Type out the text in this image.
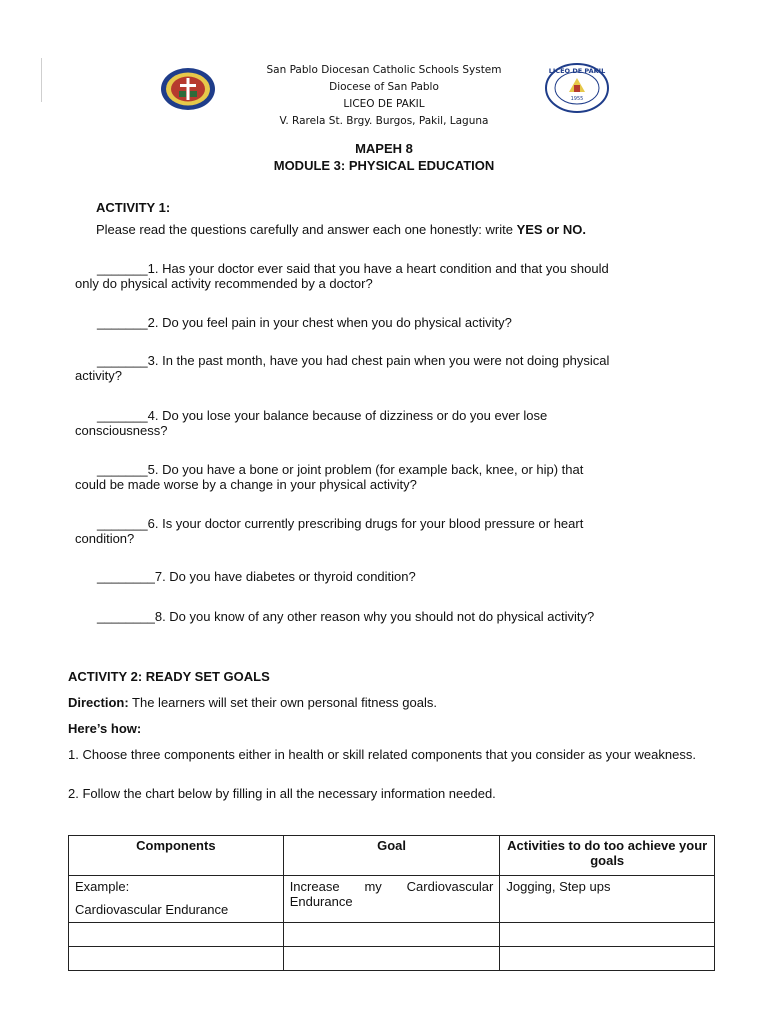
LICEO DE PAKIL
1955
San Pablo Diocesan Catholic Schools System
Diocese of San Pablo
LICEO DE PAKIL
V. Rarela St. Brgy. Burgos, Pakil, Laguna
MAPEH 8
MODULE 3: PHYSICAL EDUCATION
ACTIVITY 1:
Please read the questions carefully and answer each one honestly: write YES or NO.
_______1. Has your doctor ever said that you have a heart condition and that you should
only do physical activity recommended by a doctor?
_______2. Do you feel pain in your chest when you do physical activity?
_______3. In the past month, have you had chest pain when you were not doing physical
activity?
_______4. Do you lose your balance because of dizziness or do you ever lose
consciousness?
_______5. Do you have a bone or joint problem (for example back, knee, or hip) that
could be made worse by a change in your physical activity?
_______6. Is your doctor currently prescribing drugs for your blood pressure or heart
condition?
________7. Do you have diabetes or thyroid condition?
________8. Do you know of any other reason why you should not do physical activity?
ACTIVITY 2: READY SET GOALS
Direction: The learners will set their own personal fitness goals.
Here’s how:
1. Choose three components either in health or skill related components that you consider as your weakness.
2. Follow the chart below by filling in all the necessary information needed.
Components	Goal	Activities to do too achieve your goals

Example:
Cardiovascular Endurance	Increase my Cardiovascular Endurance	Jogging, Step ups
